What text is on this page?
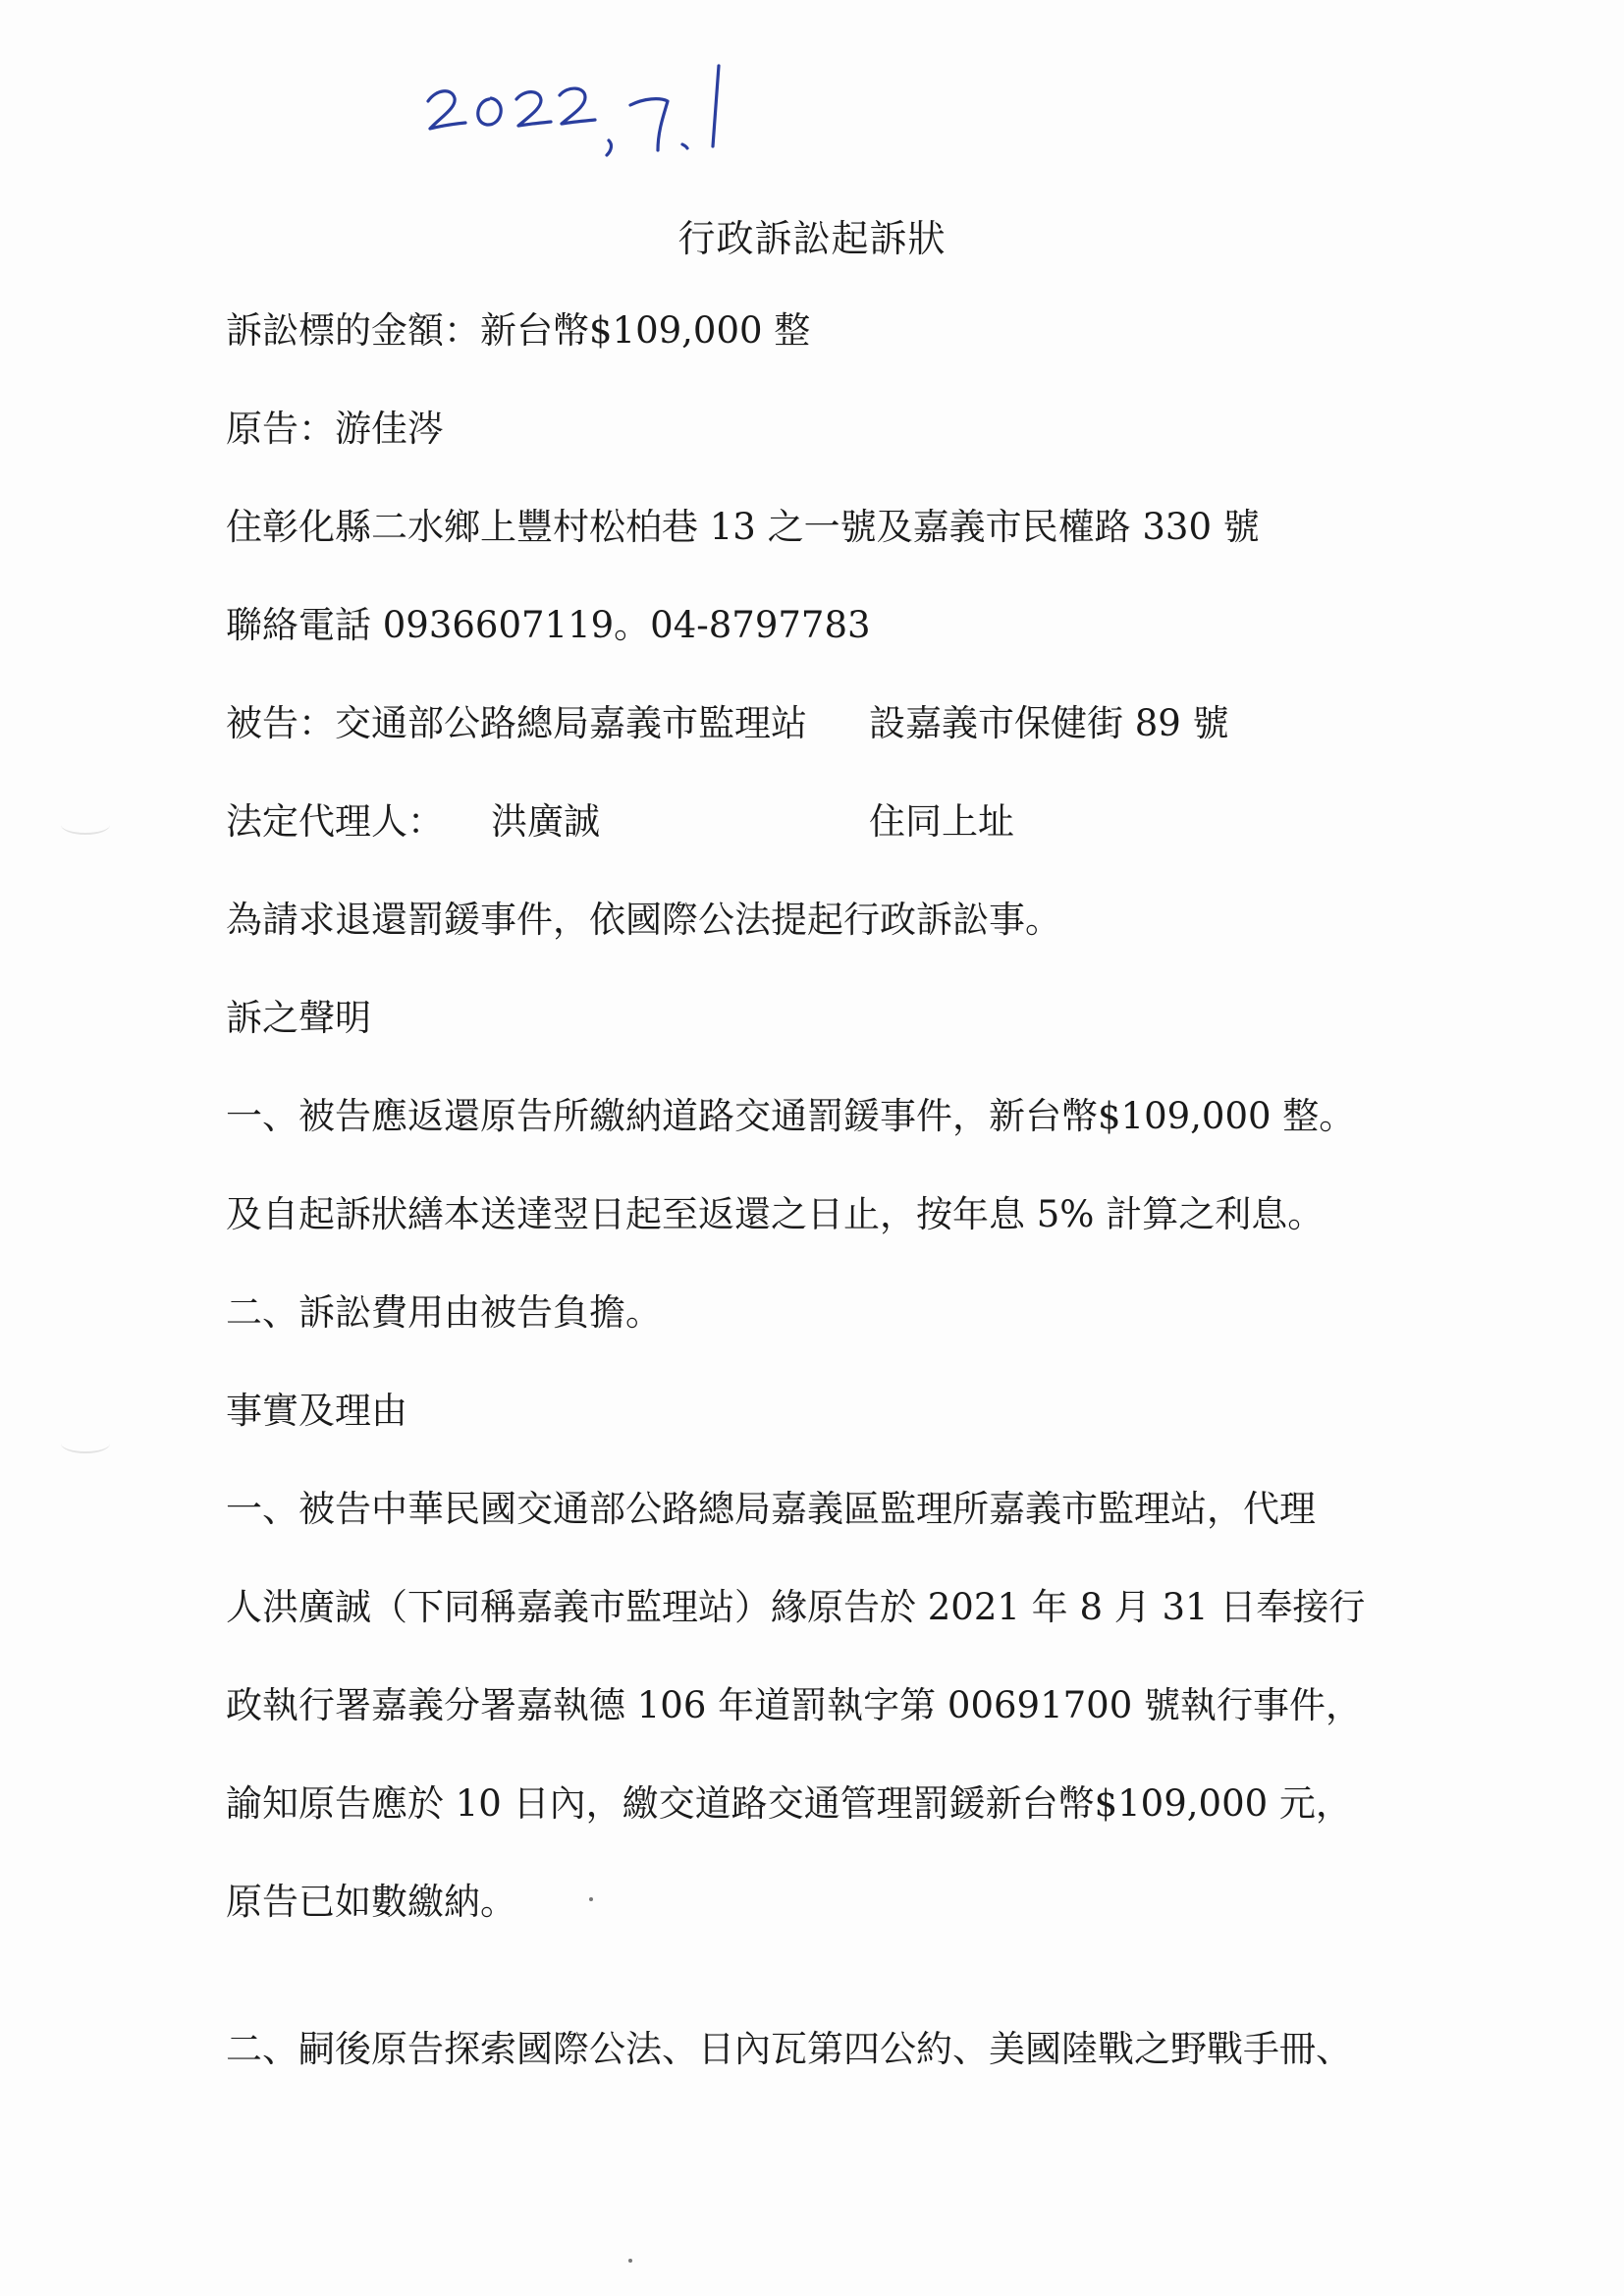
行政訴訟起訴狀
訴訟標的金額：新台幣$109,000 整
原告：游佳涔
住彰化縣二水鄉上豐村松柏巷 13 之一號及嘉義市民權路 330 號
聯絡電話 0936607119。04-8797783
被告：交通部公路總局嘉義市監理站 設嘉義市保健街 89 號
法定代理人： 洪廣誠	住同上址
為請求退還罰鍰事件，依國際公法提起行政訴訟事。
訴之聲明
一、被告應返還原告所繳納道路交通罰鍰事件，新台幣$109,000 整。
及自起訴狀繕本送達翌日起至返還之日止，按年息 5% 計算之利息。
二、訴訟費用由被告負擔。
事實及理由
一、被告中華民國交通部公路總局嘉義區監理所嘉義市監理站，代理
人洪廣誠（下同稱嘉義市監理站）緣原告於 2021 年 8 月 31 日奉接行
政執行署嘉義分署嘉執德 106 年道罰執字第 00691700 號執行事件，
諭知原告應於 10 日內，繳交道路交通管理罰鍰新台幣$109,000 元，
原告已如數繳納。
二、嗣後原告探索國際公法、日內瓦第四公約、美國陸戰之野戰手冊、
